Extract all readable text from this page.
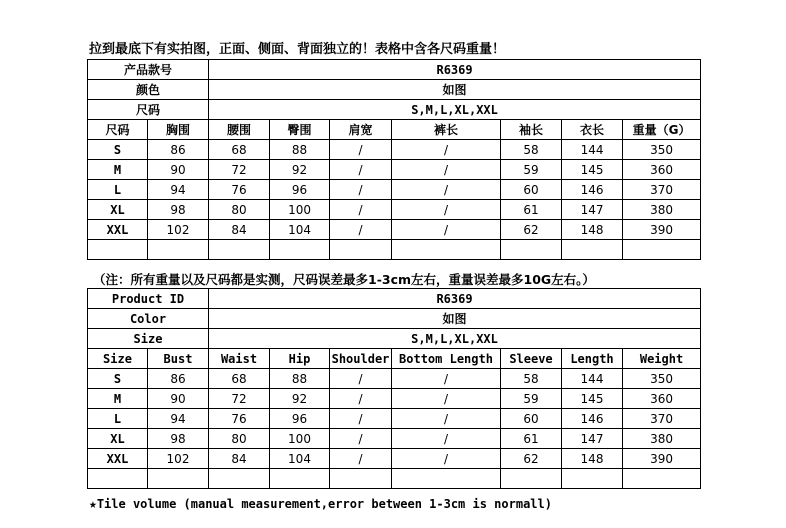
拉到最底下有实拍图，正面、侧面、背面独立的！表格中含各尺码重量！
产品款号		R6369						
颜色		如图						
尺码		S,M,L,XL,XXL						
尺码	胸围	腰围	臀围	肩宽	裤长	袖长	衣长	重量（G）
S	86	68	88	/	/	58	144	350
M	90	72	92	/	/	59	145	360
L	94	76	96	/	/	60	146	370
XL	98	80	100	/	/	61	147	380
XXL	102	84	104	/	/	62	148	390

（注：所有重量以及尺码都是实测，尺码误差最多1-3cm左右，重量误差最多10G左右。）
Product ID		R6369						
Color		如图						
Size		S,M,L,XL,XXL						
Size	Bust	Waist	Hip	Shoulder	Bottom Length	Sleeve	Length	Weight
S	86	68	88	/	/	58	144	350
M	90	72	92	/	/	59	145	360
L	94	76	96	/	/	60	146	370
XL	98	80	100	/	/	61	147	380
XXL	102	84	104	/	/	62	148	390

★Tile volume (manual measurement,error between 1-3cm is normall)
